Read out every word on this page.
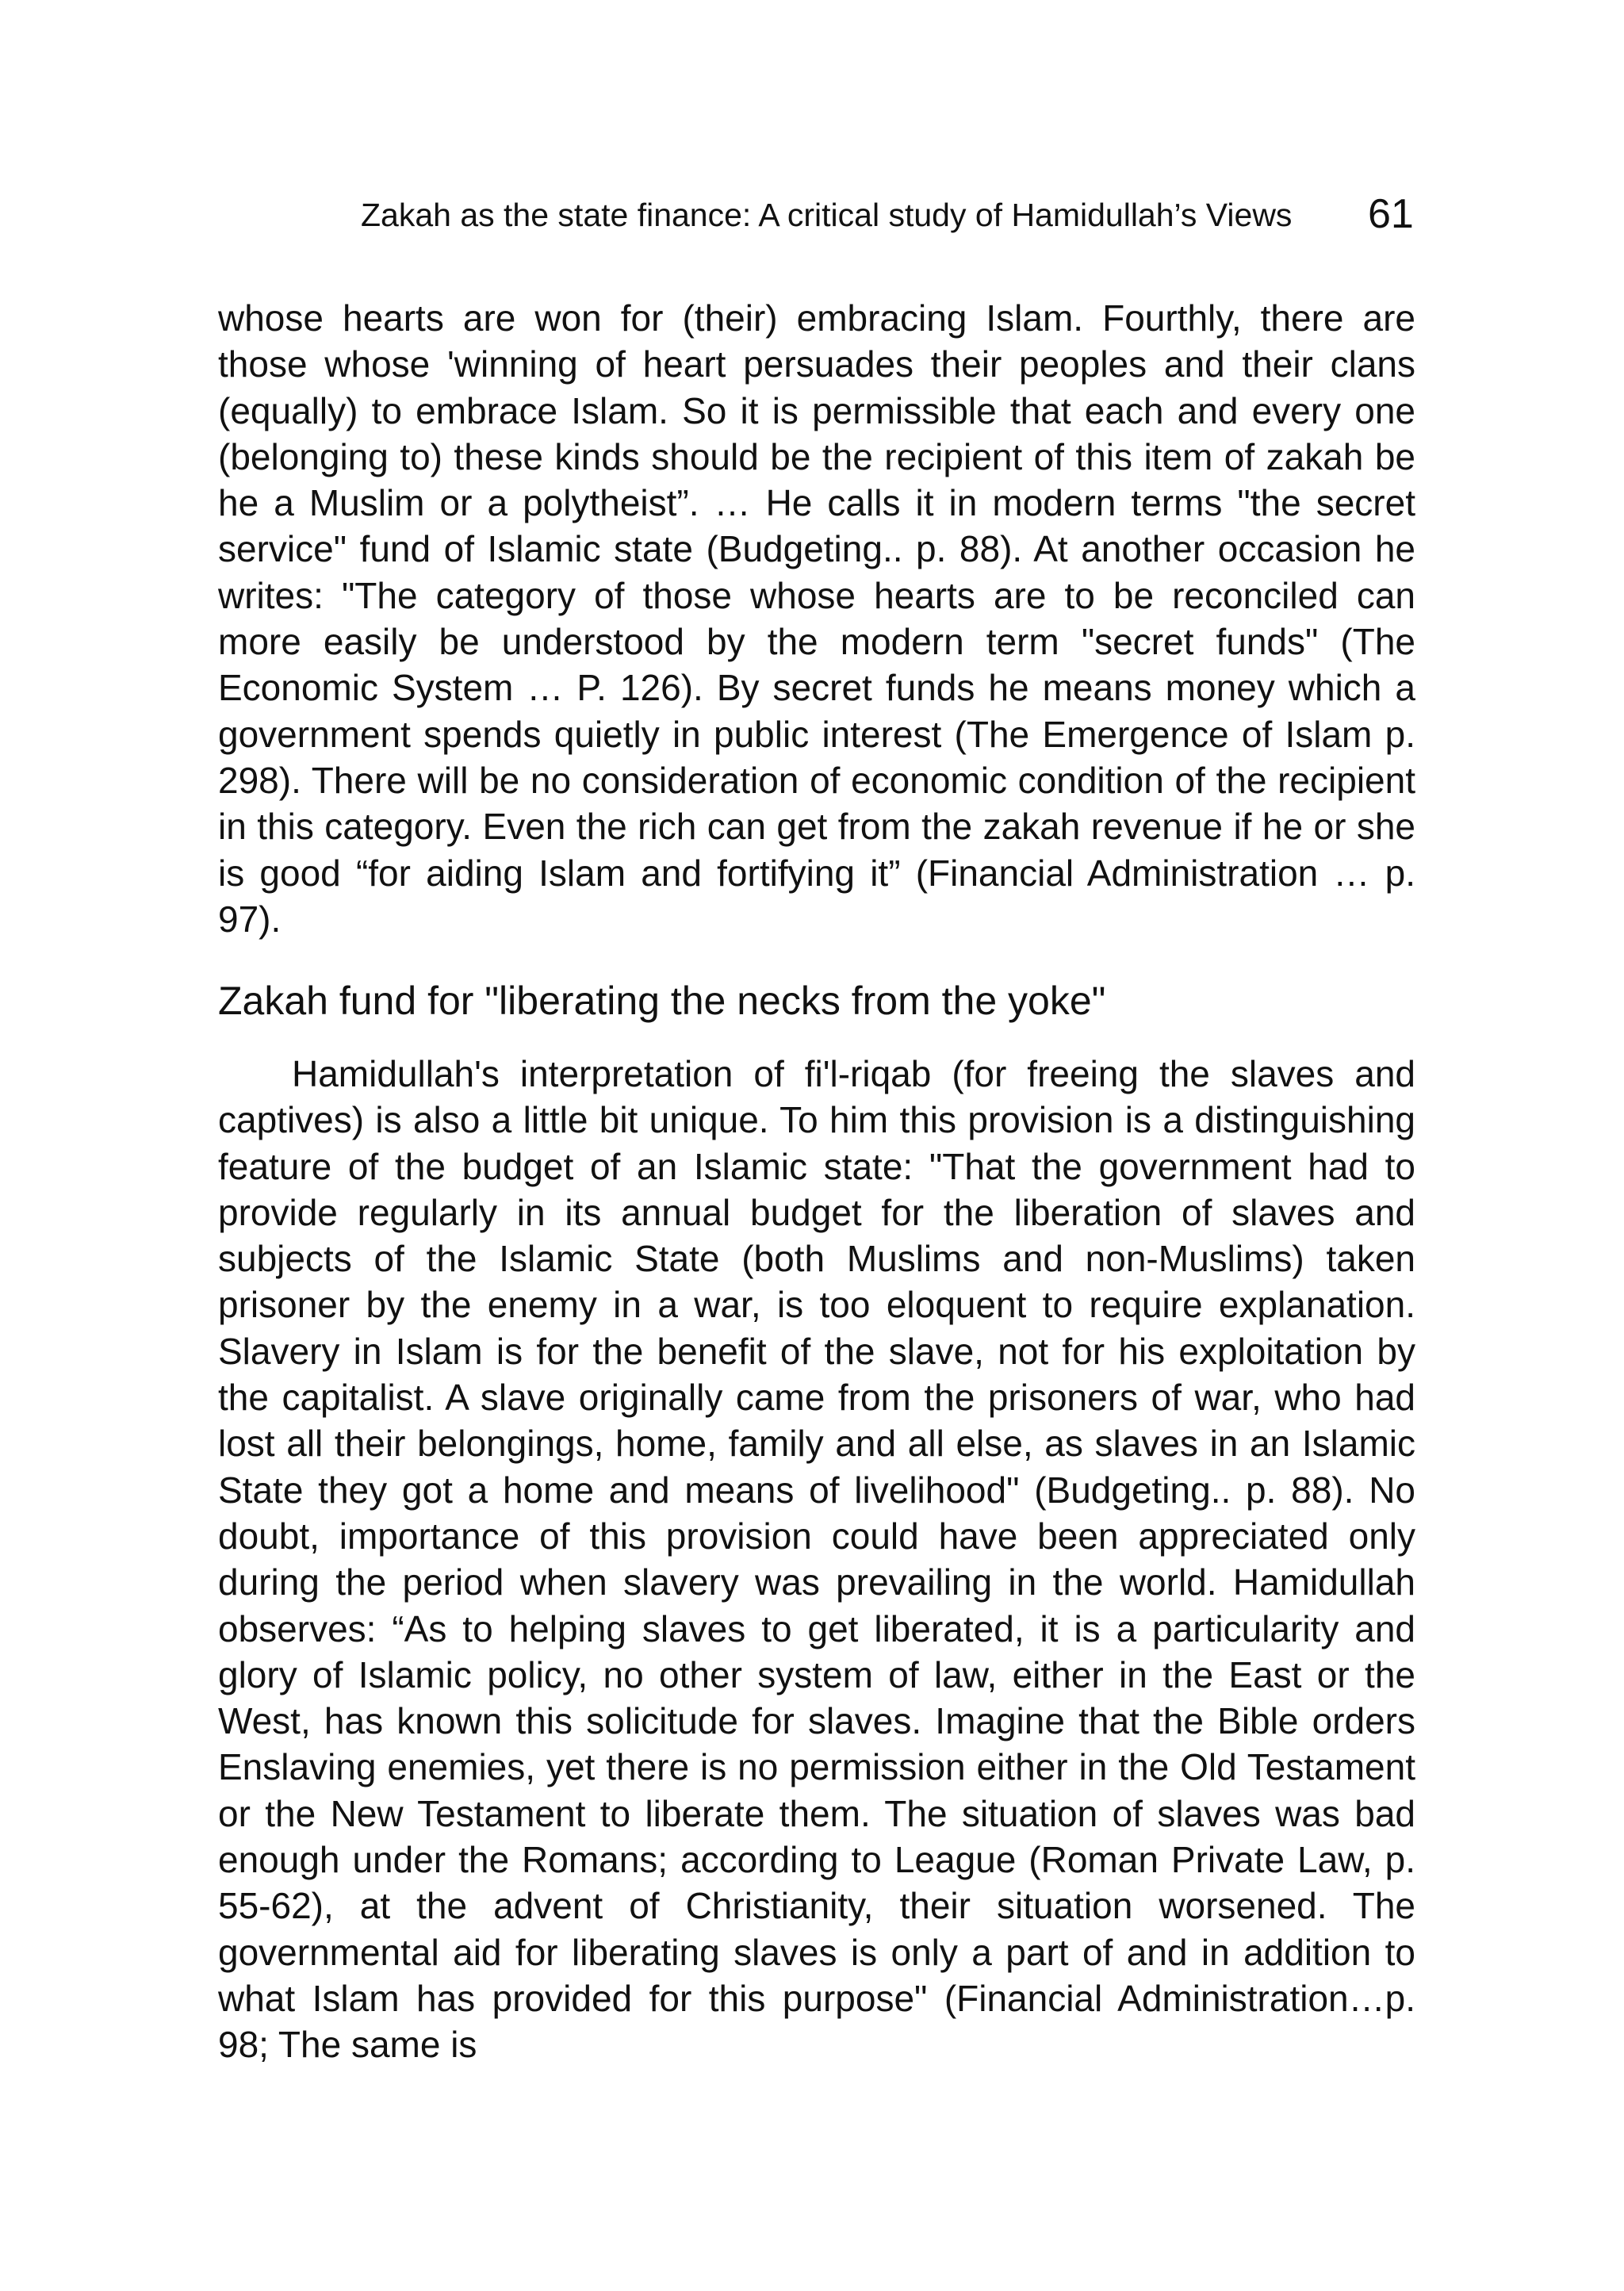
Zakah as the state finance: A critical study of Hamidullah’s Views 61

whose hearts are won for (their) embracing Islam. Fourthly, there are those whose 'winning of heart persuades their peoples and their clans (equally) to embrace Islam. So it is permissible that each and every one (belonging to) these kinds should be the recipient of this item of zakah be he a Muslim or a polytheist”. … He calls it in modern terms "the secret service" fund of Islamic state (Budgeting.. p. 88). At another occasion he writes: "The category of those whose hearts are to be reconciled can more easily be understood by the modern term "secret funds" (The Economic System … P. 126). By secret funds he means money which a government spends quietly in public interest (The Emergence of Islam p. 298). There will be no consideration of economic condition of the recipient in this category. Even the rich can get from the zakah revenue if he or she is good “for aiding Islam and fortifying it” (Financial Administration … p. 97).

Zakah fund for "liberating the necks from the yoke"

Hamidullah's interpretation of fi'l-riqab (for freeing the slaves and captives) is also a little bit unique. To him this provision is a distinguishing feature of the budget of an Islamic state: "That the government had to provide regularly in its annual budget for the liberation of slaves and subjects of the Islamic State (both Muslims and non-Muslims) taken prisoner by the enemy in a war, is too eloquent to require explanation. Slavery in Islam is for the benefit of the slave, not for his exploitation by the capitalist. A slave originally came from the prisoners of war, who had lost all their belongings, home, family and all else, as slaves in an Islamic State they got a home and means of livelihood" (Budgeting.. p. 88). No doubt, importance of this provision could have been appreciated only during the period when slavery was prevailing in the world. Hamidullah observes: “As to helping slaves to get liberated, it is a particularity and glory of Islamic policy, no other system of law, either in the East or the West, has known this solicitude for slaves. Imagine that the Bible orders Enslaving enemies, yet there is no permission either in the Old Testament or the New Testament to liberate them. The situation of slaves was bad enough under the Romans; according to League (Roman Private Law, p. 55-62), at the advent of Christianity, their situation worsened. The governmental aid for liberating slaves is only a part of and in addition to what Islam has provided for this purpose" (Financial Administration…p. 98; The same is
